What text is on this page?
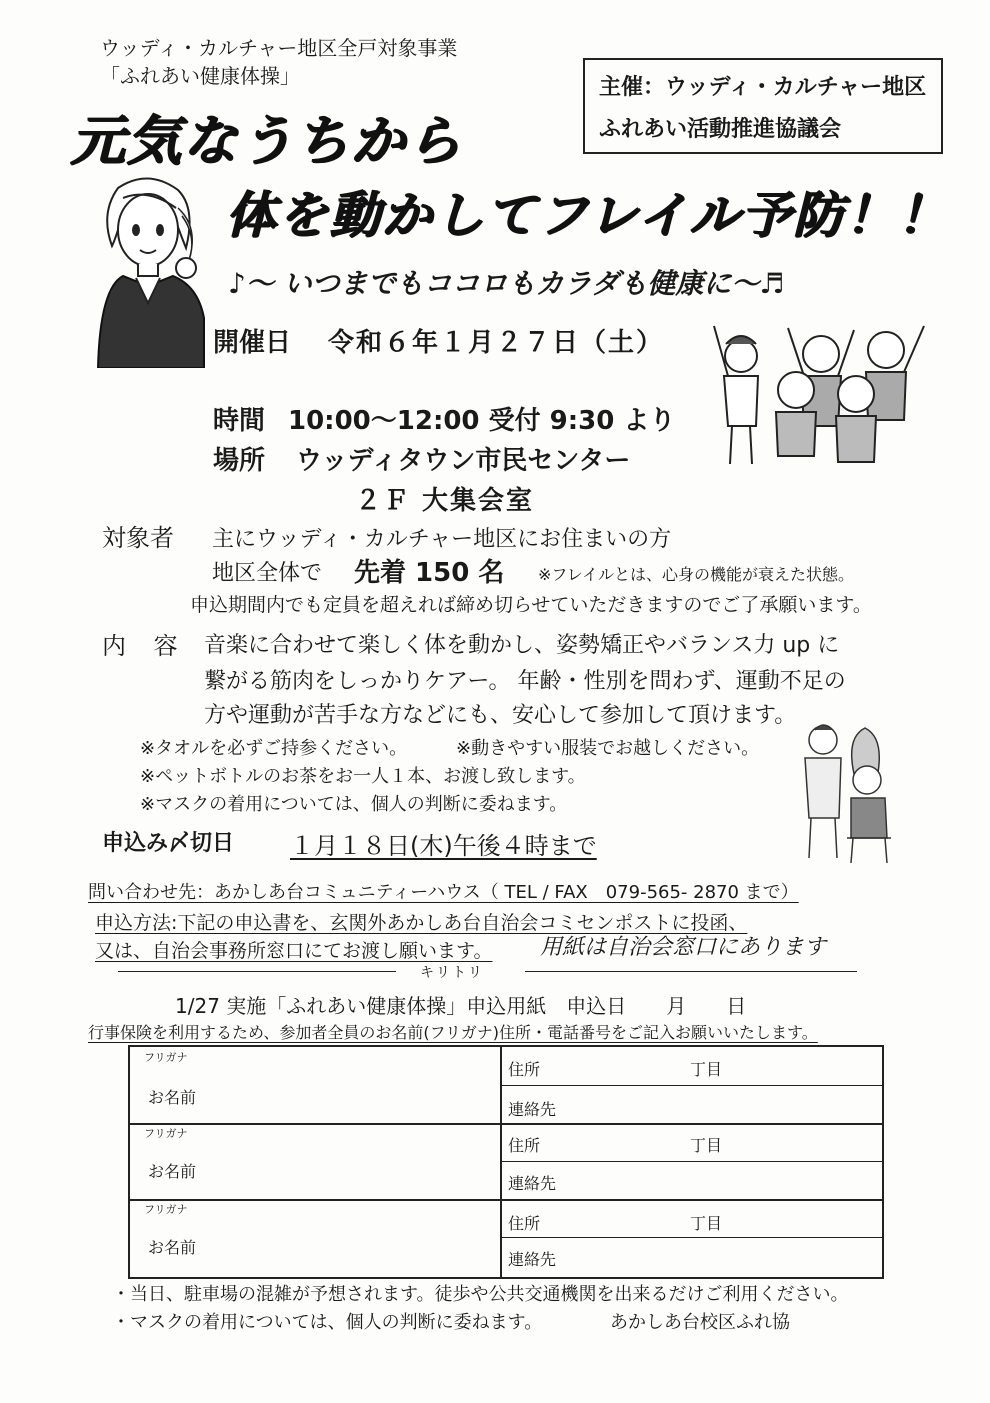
ウッディ・カルチャー地区全戸対象事業
「ふれあい健康体操」	主催：ウッディ・カルチャー地区
ふれあい活動推進協議会
元気なうちから
体を動かしてフレイル予防！！
♪～ いつまでもココロもカラダも健康に～♬
開催日 令和６年１月２７日（土）
時間 10:00～12:00 受付 9:30 より
場所 ウッディタウン市民センター
２Ｆ 大集会室
対象者 主にウッディ・カルチャー地区にお住まいの方
地区全体で 先着 150 名 ※フレイルとは、心身の機能が衰えた状態。
申込期間内でも定員を超えれば締め切らせていただきますのでご了承願います。
内 容 音楽に合わせて楽しく体を動かし、姿勢矯正やバランス力 up に
繋がる筋肉をしっかりケアー。 年齢・性別を問わず、運動不足の
方や運動が苦手な方などにも、安心して参加して頂けます。
※タオルを必ずご持参ください。	※動きやすい服装でお越しください。
※ペットボトルのお茶をお一人１本、お渡し致します。
※マスクの着用については、個人の判断に委ねます。
申込み〆切日 １月１８日(木)午後４時まで
問い合わせ先：あかしあ台コミュニティーハウス（ TEL / FAX　079-565- 2870 まで）
申込方法:下記の申込書を、玄関外あかしあ台自治会コミセンポストに投函、
又は、自治会事務所窓口にてお渡し願います。 用紙は自治会窓口にあります
キリトリ
1/27 実施「ふれあい健康体操」申込用紙　申込日　　月　　日
行事保険を利用するため、参加者全員のお名前(フリガナ)住所・電話番号をご記入お願いいたします。
フリガナ
お名前
住所	丁目
連絡先
フリガナ
お名前
住所	丁目
連絡先
フリガナ
お名前
住所	丁目
連絡先
・当日、駐車場の混雑が予想されます。徒歩や公共交通機関を出来るだけご利用ください。
・マスクの着用については、個人の判断に委ねます。	あかしあ台校区ふれ協
